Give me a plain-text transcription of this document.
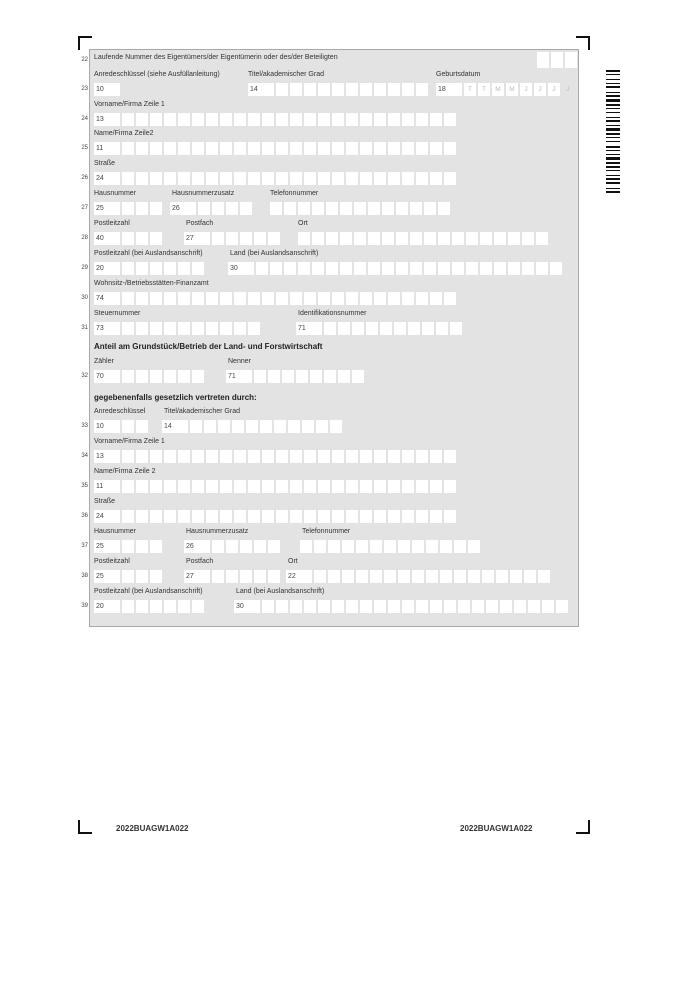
Laufende Nummer des Eigentümers/der Eigentümerin oder des/der Beteiligten
22
Anredeschlüssel (siehe Ausfüllanleitung)	Titel/akademischer Grad	Geburtsdatum
23 10	14	18	T	T	M	M	J	J	J	J
Vorname/Firma Zeile 1
24 13
Name/Firma Zeile2
25 11
Straße
26 24
Hausnummer	Hausnummerzusatz	Telefonnummer
27 25	26
Postleitzahl	Postfach	Ort
28 40	27
Postleitzahl (bei Auslandsanschrift)	Land (bei Auslandsanschrift)
29 20	30
Wohnsitz-/Betriebsstätten-Finanzamt
30 74
Steuernummer	Identifikationsnummer
31 73	71
Anteil am Grundstück/Betrieb der Land- und Forstwirtschaft
Zähler	Nenner
32 70	71
gegebenenfalls gesetzlich vertreten durch:
Anredeschlüssel	Titel/akademischer Grad
33 10	14
Vorname/Firma Zeile 1
34 13
Name/Firma Zeile 2
35 11
Straße
36 24
Hausnummer	Hausnummerzusatz	Telefonnummer
37 25	26
Postleitzahl	Postfach	Ort
38 25	27	22
Postleitzahl (bei Auslandsanschrift)	Land (bei Auslandsanschrift)
39 20	30
2022BUAGW1A022	2022BUAGW1A022
